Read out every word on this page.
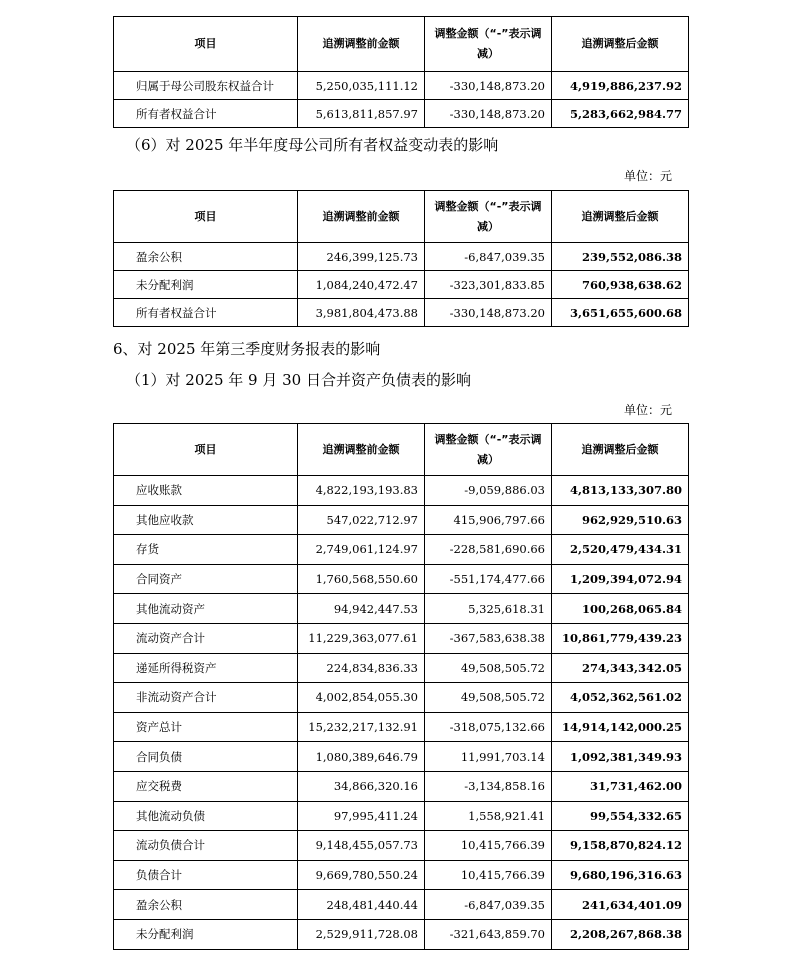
项目	追溯调整前金额	调整金额（“-”表示调减）	追溯调整后金额
归属于母公司股东权益合计	5,250,035,111.12	-330,148,873.20	4,919,886,237.92
所有者权益合计	5,613,811,857.97	-330,148,873.20	5,283,662,984.77
（6）对 2025 年半年度母公司所有者权益变动表的影响
单位：元
项目	追溯调整前金额	调整金额（“-”表示调减）	追溯调整后金额
盈余公积	246,399,125.73	-6,847,039.35	239,552,086.38
未分配利润	1,084,240,472.47	-323,301,833.85	760,938,638.62
所有者权益合计	3,981,804,473.88	-330,148,873.20	3,651,655,600.68
6、对 2025 年第三季度财务报表的影响
（1）对 2025 年 9 月 30 日合并资产负债表的影响
单位：元
项目	追溯调整前金额	调整金额（“-”表示调减）	追溯调整后金额
应收账款	4,822,193,193.83	-9,059,886.03	4,813,133,307.80
其他应收款	547,022,712.97	415,906,797.66	962,929,510.63
存货	2,749,061,124.97	-228,581,690.66	2,520,479,434.31
合同资产	1,760,568,550.60	-551,174,477.66	1,209,394,072.94
其他流动资产	94,942,447.53	5,325,618.31	100,268,065.84
流动资产合计	11,229,363,077.61	-367,583,638.38	10,861,779,439.23
递延所得税资产	224,834,836.33	49,508,505.72	274,343,342.05
非流动资产合计	4,002,854,055.30	49,508,505.72	4,052,362,561.02
资产总计	15,232,217,132.91	-318,075,132.66	14,914,142,000.25
合同负债	1,080,389,646.79	11,991,703.14	1,092,381,349.93
应交税费	34,866,320.16	-3,134,858.16	31,731,462.00
其他流动负债	97,995,411.24	1,558,921.41	99,554,332.65
流动负债合计	9,148,455,057.73	10,415,766.39	9,158,870,824.12
负债合计	9,669,780,550.24	10,415,766.39	9,680,196,316.63
盈余公积	248,481,440.44	-6,847,039.35	241,634,401.09
未分配利润	2,529,911,728.08	-321,643,859.70	2,208,267,868.38
